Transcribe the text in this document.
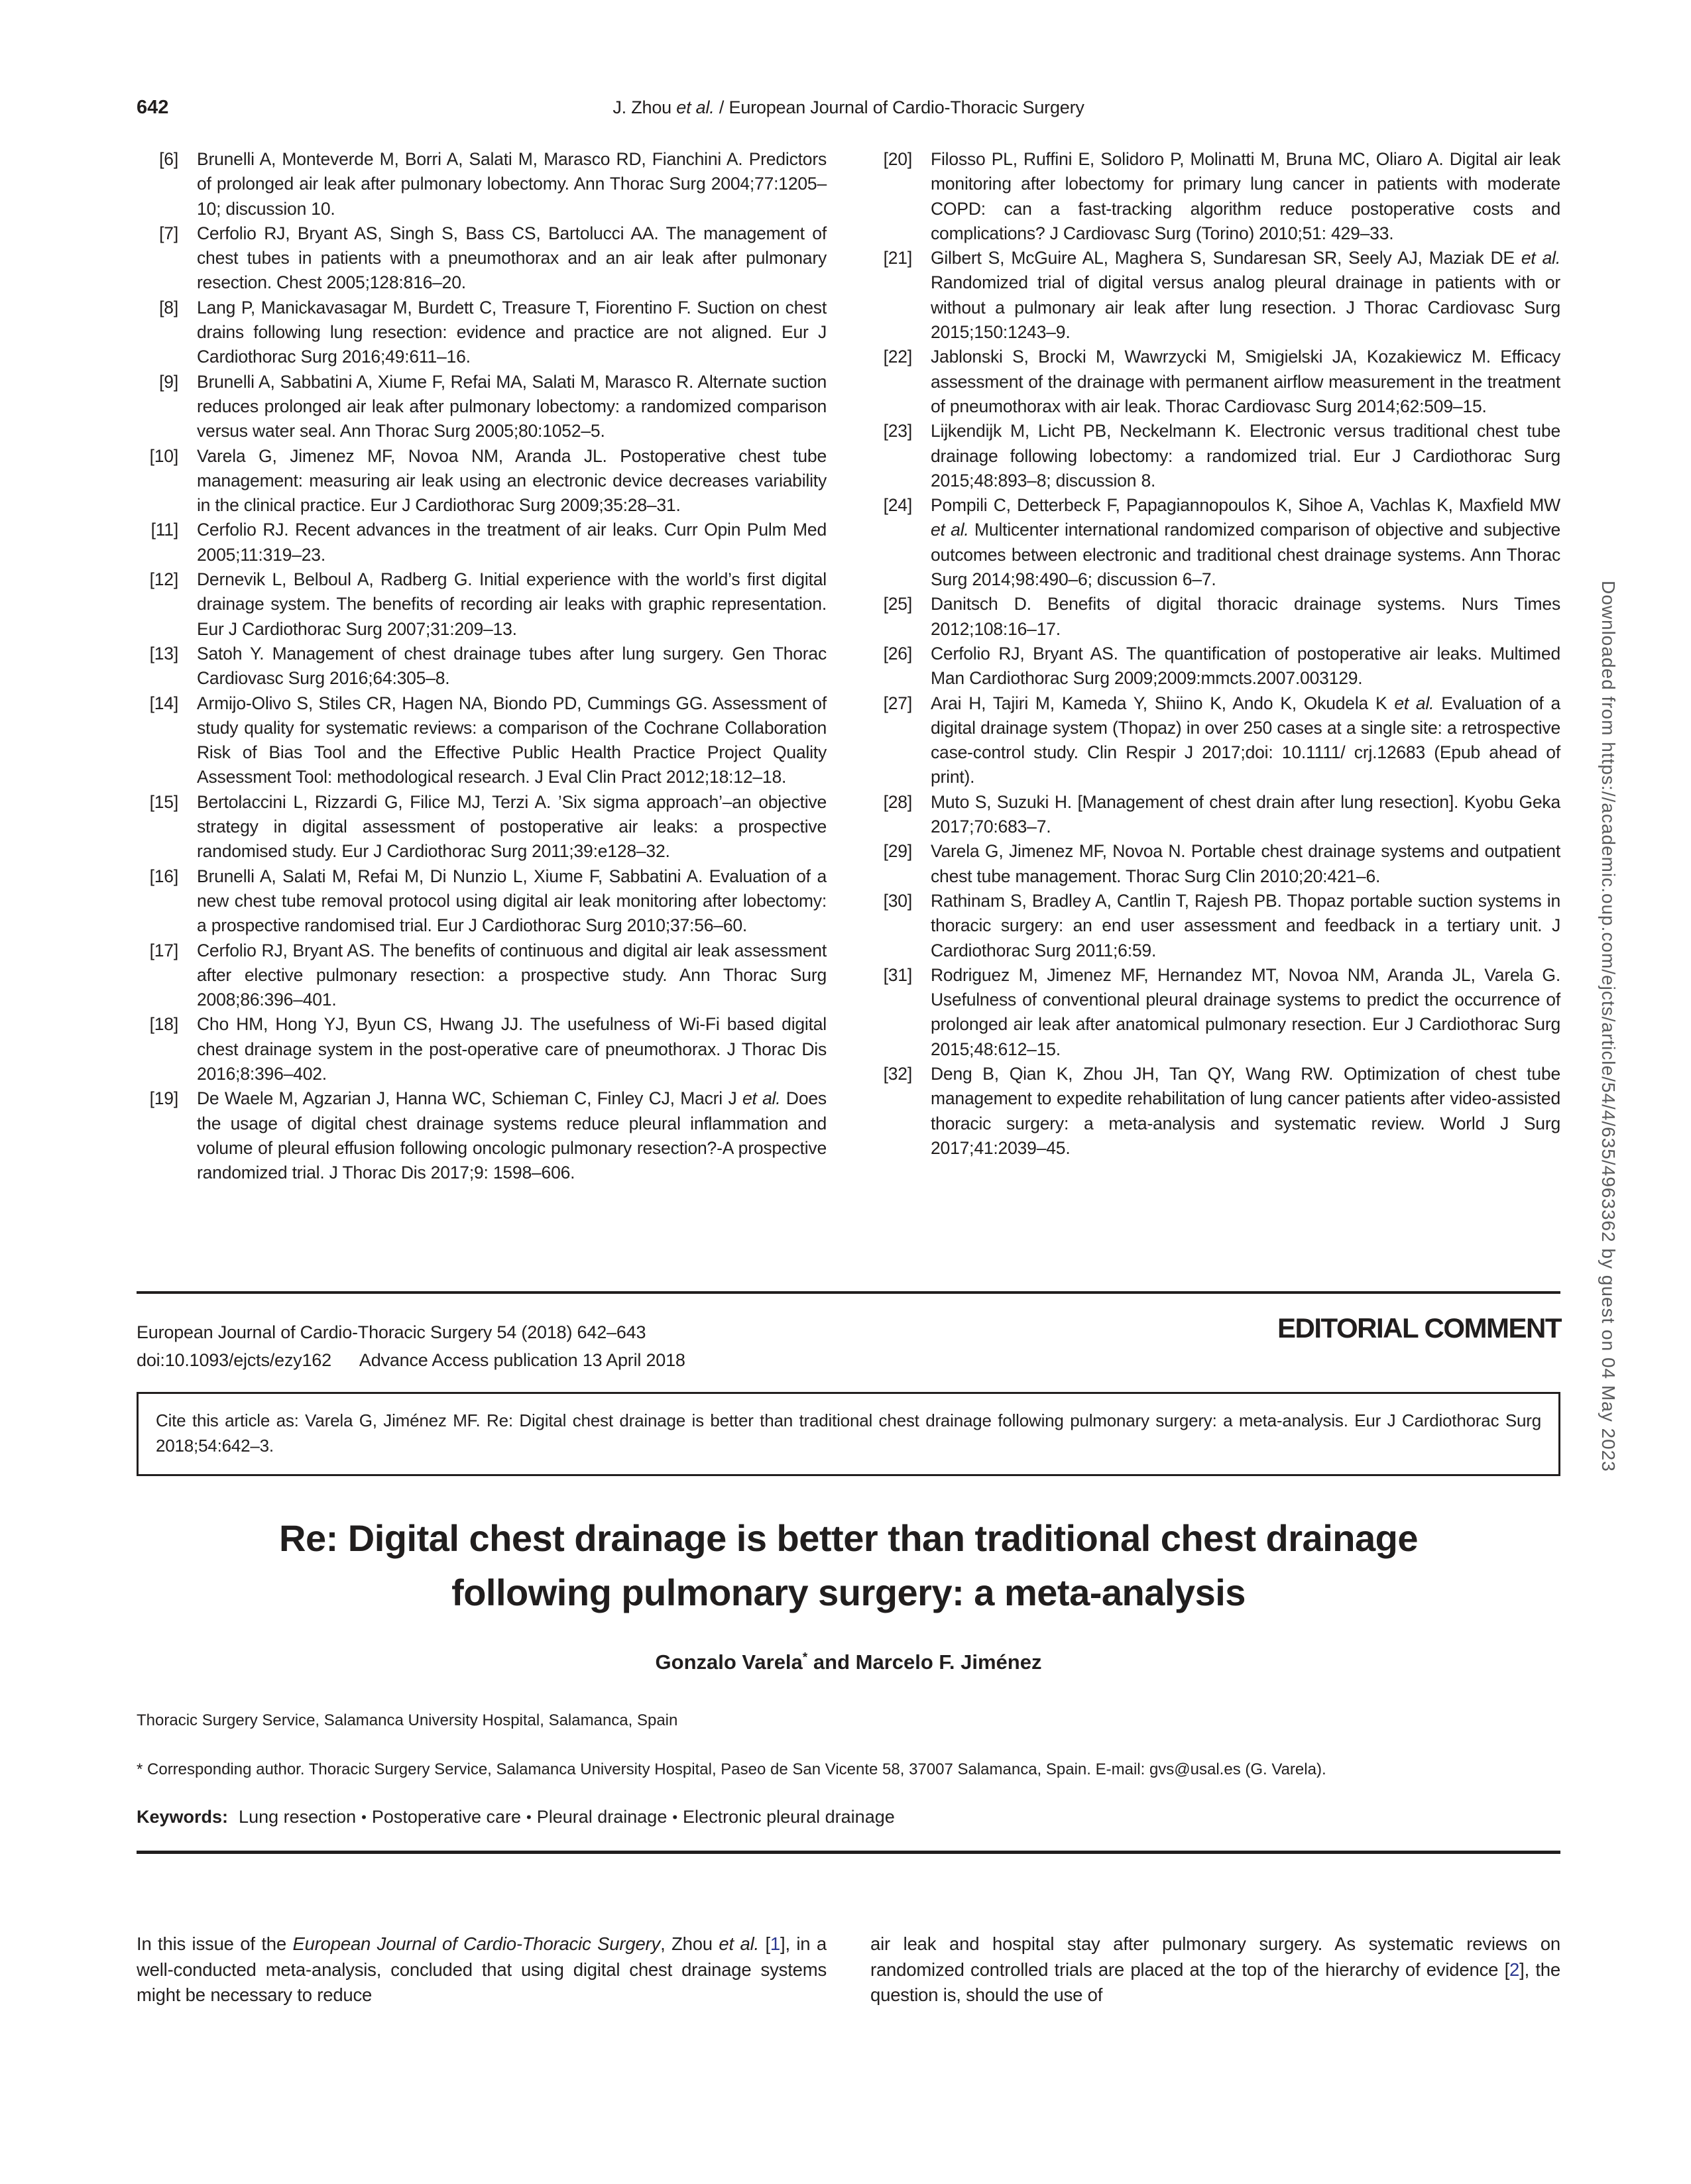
642	J. Zhou et al. / European Journal of Cardio-Thoracic Surgery
[6] Brunelli A, Monteverde M, Borri A, Salati M, Marasco RD, Fianchini A. Predictors of prolonged air leak after pulmonary lobectomy. Ann Thorac Surg 2004;77:1205–10; discussion 10.
[7] Cerfolio RJ, Bryant AS, Singh S, Bass CS, Bartolucci AA. The management of chest tubes in patients with a pneumothorax and an air leak after pulmonary resection. Chest 2005;128:816–20.
[8] Lang P, Manickavasagar M, Burdett C, Treasure T, Fiorentino F. Suction on chest drains following lung resection: evidence and practice are not aligned. Eur J Cardiothorac Surg 2016;49:611–16.
[9] Brunelli A, Sabbatini A, Xiume F, Refai MA, Salati M, Marasco R. Alternate suction reduces prolonged air leak after pulmonary lobectomy: a randomized comparison versus water seal. Ann Thorac Surg 2005;80:1052–5.
[10] Varela G, Jimenez MF, Novoa NM, Aranda JL. Postoperative chest tube management: measuring air leak using an electronic device decreases variability in the clinical practice. Eur J Cardiothorac Surg 2009;35:28–31.
[11] Cerfolio RJ. Recent advances in the treatment of air leaks. Curr Opin Pulm Med 2005;11:319–23.
[12] Dernevik L, Belboul A, Radberg G. Initial experience with the world’s first digital drainage system. The benefits of recording air leaks with graphic representation. Eur J Cardiothorac Surg 2007;31:209–13.
[13] Satoh Y. Management of chest drainage tubes after lung surgery. Gen Thorac Cardiovasc Surg 2016;64:305–8.
[14] Armijo-Olivo S, Stiles CR, Hagen NA, Biondo PD, Cummings GG. Assessment of study quality for systematic reviews: a comparison of the Cochrane Collaboration Risk of Bias Tool and the Effective Public Health Practice Project Quality Assessment Tool: methodological research. J Eval Clin Pract 2012;18:12–18.
[15] Bertolaccini L, Rizzardi G, Filice MJ, Terzi A. ’Six sigma approach’–an objective strategy in digital assessment of postoperative air leaks: a prospective randomised study. Eur J Cardiothorac Surg 2011;39:e128–32.
[16] Brunelli A, Salati M, Refai M, Di Nunzio L, Xiume F, Sabbatini A. Evaluation of a new chest tube removal protocol using digital air leak monitoring after lobectomy: a prospective randomised trial. Eur J Cardiothorac Surg 2010;37:56–60.
[17] Cerfolio RJ, Bryant AS. The benefits of continuous and digital air leak assessment after elective pulmonary resection: a prospective study. Ann Thorac Surg 2008;86:396–401.
[18] Cho HM, Hong YJ, Byun CS, Hwang JJ. The usefulness of Wi-Fi based digital chest drainage system in the post-operative care of pneumothorax. J Thorac Dis 2016;8:396–402.
[19] De Waele M, Agzarian J, Hanna WC, Schieman C, Finley CJ, Macri J et al. Does the usage of digital chest drainage systems reduce pleural inflammation and volume of pleural effusion following oncologic pulmonary resection?-A prospective randomized trial. J Thorac Dis 2017;9: 1598–606.
[20] Filosso PL, Ruffini E, Solidoro P, Molinatti M, Bruna MC, Oliaro A. Digital air leak monitoring after lobectomy for primary lung cancer in patients with moderate COPD: can a fast-tracking algorithm reduce postoperative costs and complications? J Cardiovasc Surg (Torino) 2010;51: 429–33.
[21] Gilbert S, McGuire AL, Maghera S, Sundaresan SR, Seely AJ, Maziak DE et al. Randomized trial of digital versus analog pleural drainage in patients with or without a pulmonary air leak after lung resection. J Thorac Cardiovasc Surg 2015;150:1243–9.
[22] Jablonski S, Brocki M, Wawrzycki M, Smigielski JA, Kozakiewicz M. Efficacy assessment of the drainage with permanent airflow measurement in the treatment of pneumothorax with air leak. Thorac Cardiovasc Surg 2014;62:509–15.
[23] Lijkendijk M, Licht PB, Neckelmann K. Electronic versus traditional chest tube drainage following lobectomy: a randomized trial. Eur J Cardiothorac Surg 2015;48:893–8; discussion 8.
[24] Pompili C, Detterbeck F, Papagiannopoulos K, Sihoe A, Vachlas K, Maxfield MW et al. Multicenter international randomized comparison of objective and subjective outcomes between electronic and traditional chest drainage systems. Ann Thorac Surg 2014;98:490–6; discussion 6–7.
[25] Danitsch D. Benefits of digital thoracic drainage systems. Nurs Times 2012;108:16–17.
[26] Cerfolio RJ, Bryant AS. The quantification of postoperative air leaks. Multimed Man Cardiothorac Surg 2009;2009:mmcts.2007.003129.
[27] Arai H, Tajiri M, Kameda Y, Shiino K, Ando K, Okudela K et al. Evaluation of a digital drainage system (Thopaz) in over 250 cases at a single site: a retrospective case-control study. Clin Respir J 2017;doi: 10.1111/ crj.12683 (Epub ahead of print).
[28] Muto S, Suzuki H. [Management of chest drain after lung resection]. Kyobu Geka 2017;70:683–7.
[29] Varela G, Jimenez MF, Novoa N. Portable chest drainage systems and outpatient chest tube management. Thorac Surg Clin 2010;20:421–6.
[30] Rathinam S, Bradley A, Cantlin T, Rajesh PB. Thopaz portable suction systems in thoracic surgery: an end user assessment and feedback in a tertiary unit. J Cardiothorac Surg 2011;6:59.
[31] Rodriguez M, Jimenez MF, Hernandez MT, Novoa NM, Aranda JL, Varela G. Usefulness of conventional pleural drainage systems to predict the occurrence of prolonged air leak after anatomical pulmonary resection. Eur J Cardiothorac Surg 2015;48:612–15.
[32] Deng B, Qian K, Zhou JH, Tan QY, Wang RW. Optimization of chest tube management to expedite rehabilitation of lung cancer patients after video-assisted thoracic surgery: a meta-analysis and systematic review. World J Surg 2017;41:2039–45.
European Journal of Cardio-Thoracic Surgery 54 (2018) 642–643
doi:10.1093/ejcts/ezy162 Advance Access publication 13 April 2018
EDITORIAL COMMENT
Cite this article as: Varela G, Jiménez MF. Re: Digital chest drainage is better than traditional chest drainage following pulmonary surgery: a meta-analysis. Eur J Cardiothorac Surg 2018;54:642–3.
Re: Digital chest drainage is better than traditional chest drainage
following pulmonary surgery: a meta-analysis
Gonzalo Varela* and Marcelo F. Jiménez
Thoracic Surgery Service, Salamanca University Hospital, Salamanca, Spain
* Corresponding author. Thoracic Surgery Service, Salamanca University Hospital, Paseo de San Vicente 58, 37007 Salamanca, Spain. E-mail: gvs@usal.es (G. Varela).
Keywords: Lung resection • Postoperative care • Pleural drainage • Electronic pleural drainage
In this issue of the European Journal of Cardio-Thoracic Surgery, Zhou et al. [1], in a well-conducted meta-analysis, concluded that using digital chest drainage systems might be necessary to reduce
air leak and hospital stay after pulmonary surgery. As systematic reviews on randomized controlled trials are placed at the top of the hierarchy of evidence [2], the question is, should the use of
Downloaded from https://academic.oup.com/ejcts/article/54/4/635/4963362 by guest on 04 May 2023
